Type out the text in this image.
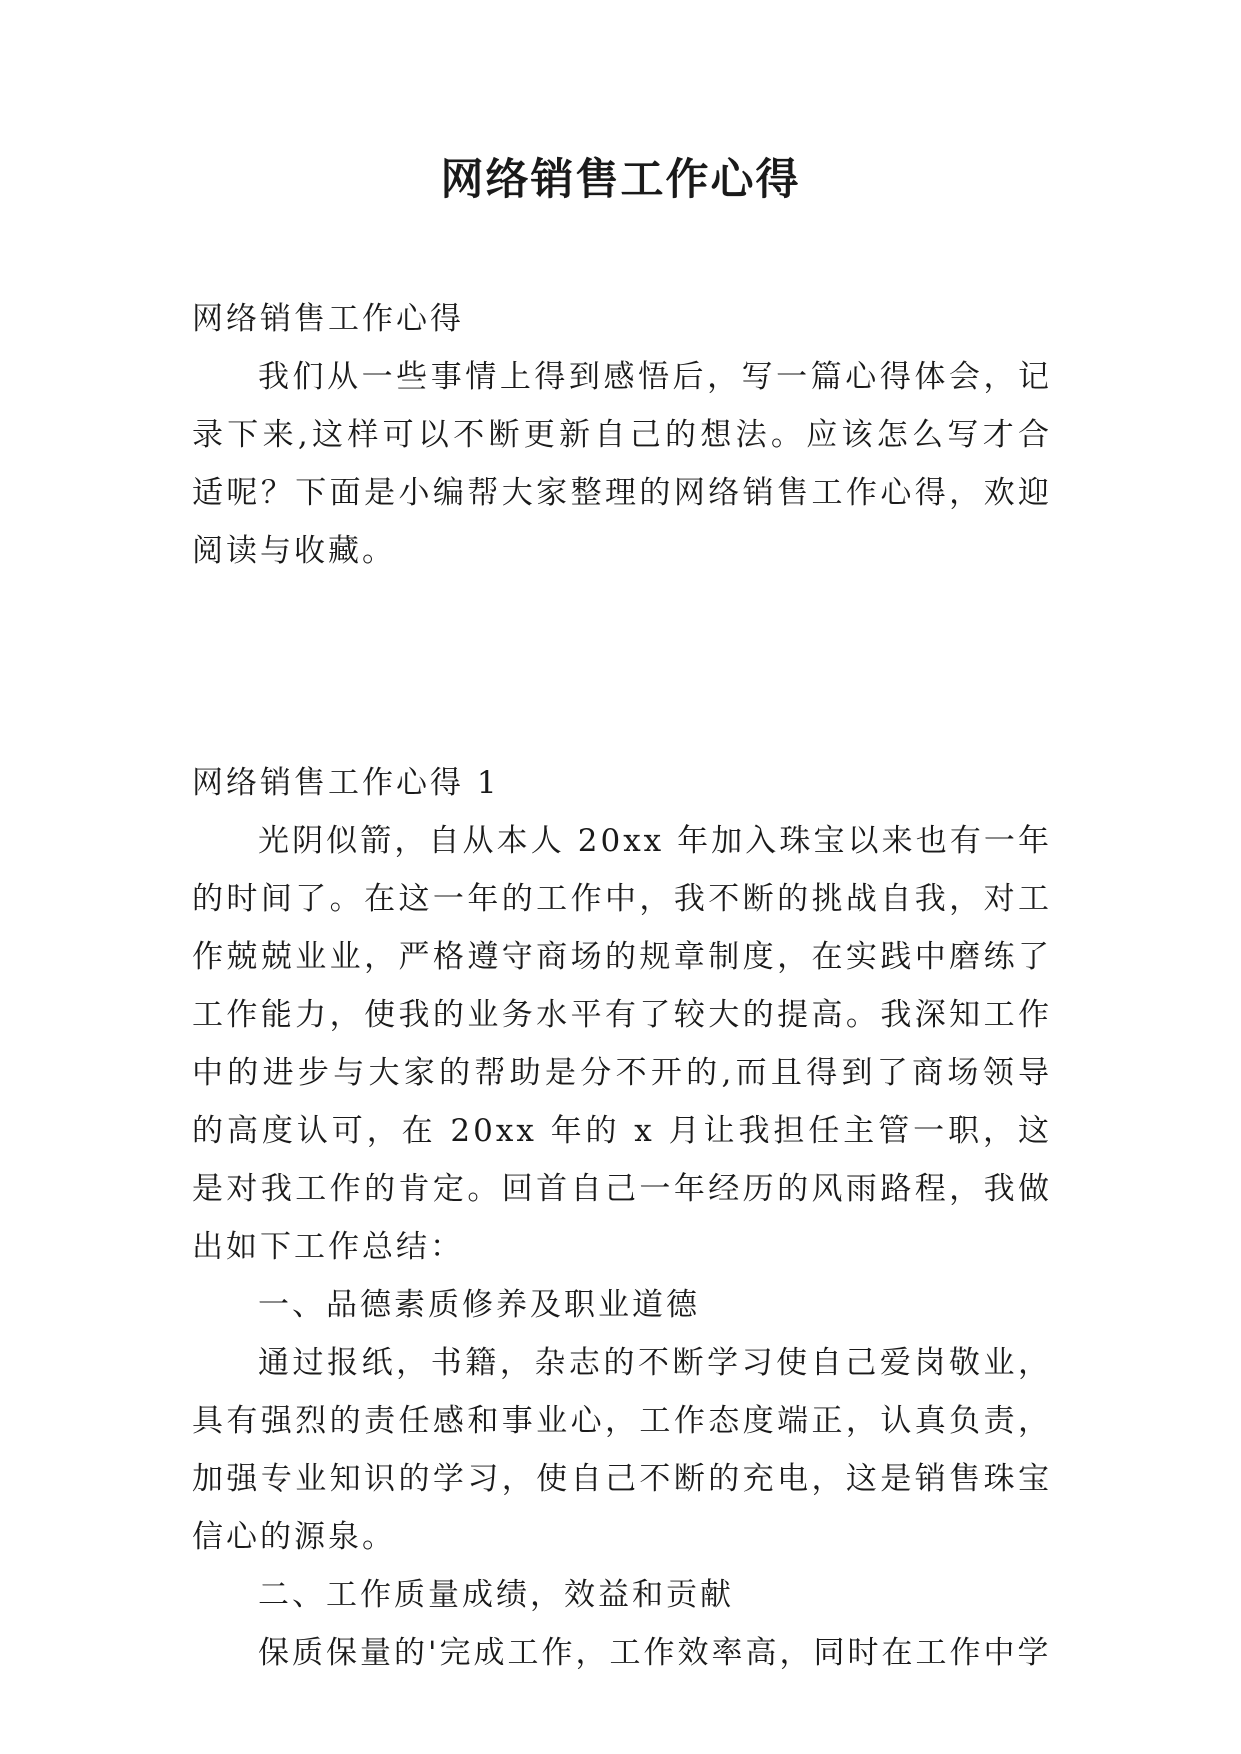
网络销售工作心得

网络销售工作心得

我们从一些事情上得到感悟后，写一篇心得体会，记录下来,这样可以不断更新自己的想法。应该怎么写才合适呢？下面是小编帮大家整理的网络销售工作心得，欢迎阅读与收藏。

网络销售工作心得 1

光阴似箭，自从本人 20xx 年加入珠宝以来也有一年的时间了。在这一年的工作中，我不断的挑战自我，对工作兢兢业业，严格遵守商场的规章制度，在实践中磨练了工作能力，使我的业务水平有了较大的提高。我深知工作中的进步与大家的帮助是分不开的,而且得到了商场领导的高度认可，在 20xx 年的 x 月让我担任主管一职，这是对我工作的肯定。回首自己一年经历的风雨路程，我做出如下工作总结：

一、品德素质修养及职业道德

通过报纸，书籍，杂志的不断学习使自己爱岗敬业，具有强烈的责任感和事业心，工作态度端正，认真负责，加强专业知识的学习，使自己不断的充电，这是销售珠宝信心的源泉。

二、工作质量成绩，效益和贡献

保质保量的'完成工作，工作效率高，同时在工作中学
